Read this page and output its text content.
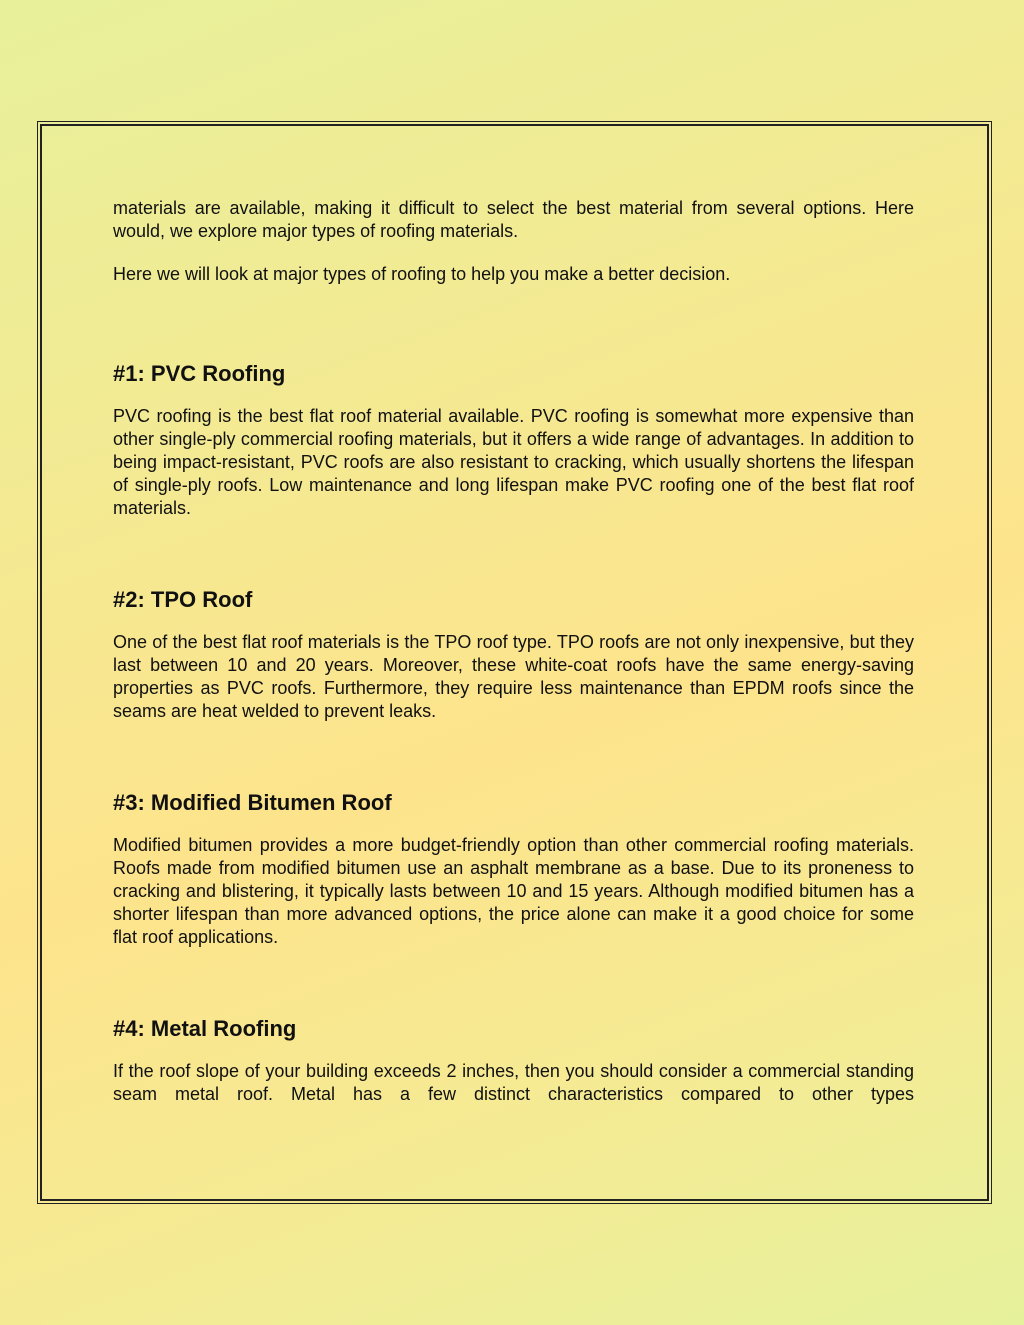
materials are available, making it difficult to select the best material from several options. Here would, we explore major types of roofing materials.

Here we will look at major types of roofing to help you make a better decision.

#1: PVC Roofing

PVC roofing is the best flat roof material available. PVC roofing is somewhat more expensive than other single-ply commercial roofing materials, but it offers a wide range of advantages. In addition to being impact-resistant, PVC roofs are also resistant to cracking, which usually shortens the lifespan of single-ply roofs. Low maintenance and long lifespan make PVC roofing one of the best flat roof materials.

#2: TPO Roof

One of the best flat roof materials is the TPO roof type. TPO roofs are not only inexpensive, but they last between 10 and 20 years. Moreover, these white-coat roofs have the same energy-saving properties as PVC roofs. Furthermore, they require less maintenance than EPDM roofs since the seams are heat welded to prevent leaks.

#3: Modified Bitumen Roof

Modified bitumen provides a more budget-friendly option than other commercial roofing materials. Roofs made from modified bitumen use an asphalt membrane as a base. Due to its proneness to cracking and blistering, it typically lasts between 10 and 15 years. Although modified bitumen has a shorter lifespan than more advanced options, the price alone can make it a good choice for some flat roof applications.

#4: Metal Roofing

If the roof slope of your building exceeds 2 inches, then you should consider a commercial standing seam metal roof. Metal has a few distinct characteristics compared to other types
